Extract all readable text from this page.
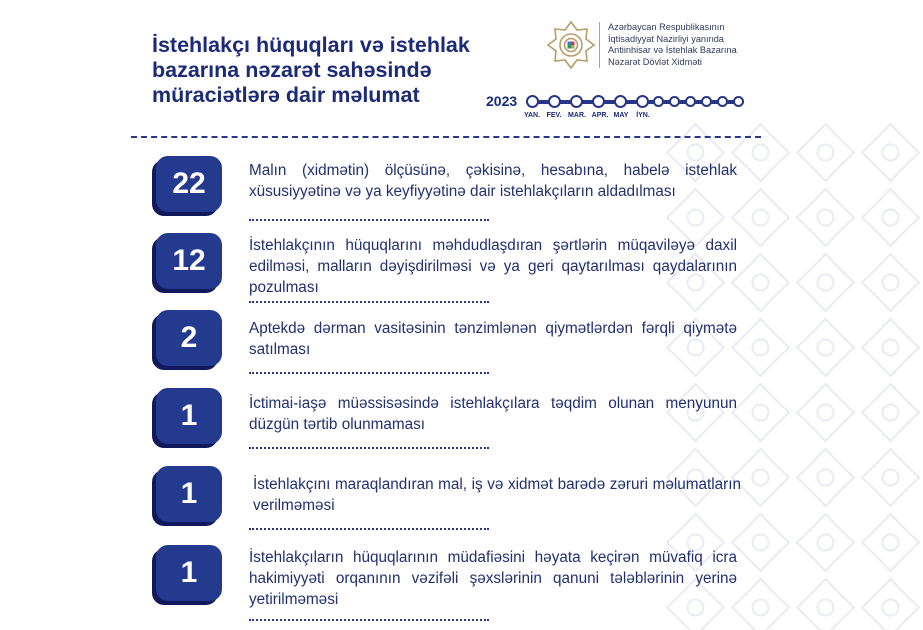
İstehlakçı hüquqları və istehlak
bazarına nəzarət sahəsində
müraciətlərə dair məlumat
Azərbaycan Respublikasının
İqtisadiyyat Nazirliyi yanında
Antiinhisar və İstehlak Bazarına
Nəzarət Dövlət Xidməti
2023
YAN. FEV. MAR. APR. MAY İYN.
22	Malın (xidmətin) ölçüsünə, çəkisinə, hesabına, habelə istehlak xüsusiyyətinə və ya keyfiyyətinə dair istehlakçıların aldadılması
12	İstehlakçının hüquqlarını məhdudlaşdıran şərtlərin müqaviləyə daxil edilməsi, malların dəyişdirilməsi və ya geri qaytarılması qaydalarının pozulması
2	Aptekdə dərman vasitəsinin tənzimlənən qiymətlərdən fərqli qiymətə satılması
1	İctimai-iaşə müəssisəsində istehlakçılara təqdim olunan menyunun düzgün tərtib olunmaması
1	İstehlakçını maraqlandıran mal, iş və xidmət barədə zəruri məlumatların verilməməsi
1	İstehlakçıların hüquqlarının müdafiəsini həyata keçirən müvafiq icra hakimiyyəti orqanının vəzifəli şəxslərinin qanuni tələblərinin yerinə yetirilməməsi
